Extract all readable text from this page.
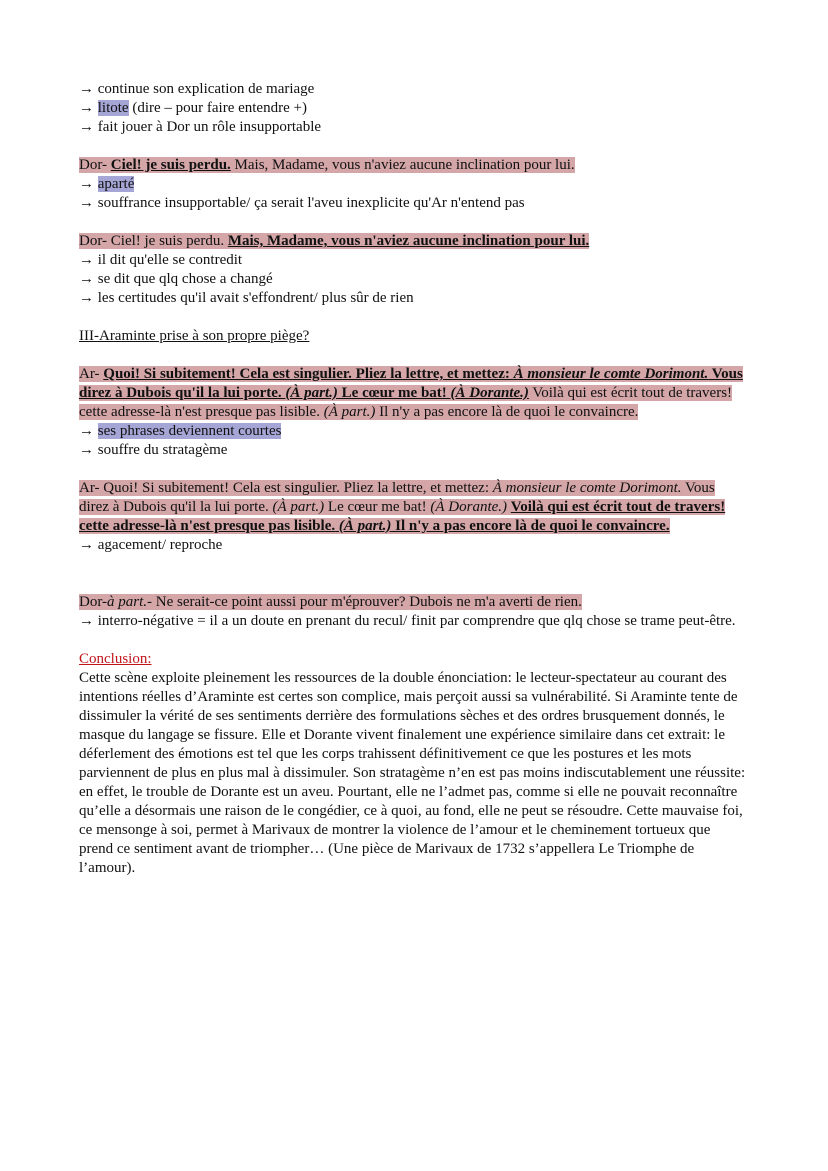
→ continue son explication de mariage

→ litote (dire – pour faire entendre +)

→ fait jouer à Dor un rôle insupportable

Dor- Ciel! je suis perdu. Mais, Madame, vous n'aviez aucune inclination pour lui.

→ aparté

→ souffrance insupportable/ ça serait l'aveu inexplicite qu'Ar n'entend pas

Dor- Ciel! je suis perdu. Mais, Madame, vous n'aviez aucune inclination pour lui.

→ il dit qu'elle se contredit

→ se dit que qlq chose a changé

→ les certitudes qu'il avait s'effondrent/ plus sûr de rien

III-Araminte prise à son propre piège?

Ar- Quoi! Si subitement! Cela est singulier. Pliez la lettre, et mettez: À monsieur le comte Dorimont. Vous direz à Dubois qu'il la lui porte. (À part.) Le cœur me bat! (À Dorante.) Voilà qui est écrit tout de travers! cette adresse-là n'est presque pas lisible. (À part.) Il n'y a pas encore là de quoi le convaincre.

→ ses phrases deviennent courtes

→ souffre du stratagème

Ar- Quoi! Si subitement! Cela est singulier. Pliez la lettre, et mettez: À monsieur le comte Dorimont. Vous direz à Dubois qu'il la lui porte. (À part.) Le cœur me bat! (À Dorante.) Voilà qui est écrit tout de travers! cette adresse-là n'est presque pas lisible. (À part.) Il n'y a pas encore là de quoi le convaincre.

→ agacement/ reproche

Dor-à part.- Ne serait-ce point aussi pour m'éprouver? Dubois ne m'a averti de rien.

→ interro-négative = il a un doute en prenant du recul/ finit par comprendre que qlq chose se trame peut-être.

Conclusion:

Cette scène exploite pleinement les ressources de la double énonciation: le lecteur-spectateur au courant des intentions réelles d’Araminte est certes son complice, mais perçoit aussi sa vulnérabilité. Si Araminte tente de dissimuler la vérité de ses sentiments derrière des formulations sèches et des ordres brusquement donnés, le masque du langage se fissure. Elle et Dorante vivent finalement une expérience similaire dans cet extrait: le déferlement des émotions est tel que les corps trahissent définitivement ce que les postures et les mots parviennent de plus en plus mal à dissimuler. Son stratagème n’en est pas moins indiscutablement une réussite: en effet, le trouble de Dorante est un aveu. Pourtant, elle ne l’admet pas, comme si elle ne pouvait reconnaître qu’elle a désormais une raison de le congédier, ce à quoi, au fond, elle ne peut se résoudre. Cette mauvaise foi, ce mensonge à soi, permet à Marivaux de montrer la violence de l’amour et le cheminement tortueux que prend ce sentiment avant de triompher… (Une pièce de Marivaux de 1732 s’appellera Le Triomphe de l’amour).
